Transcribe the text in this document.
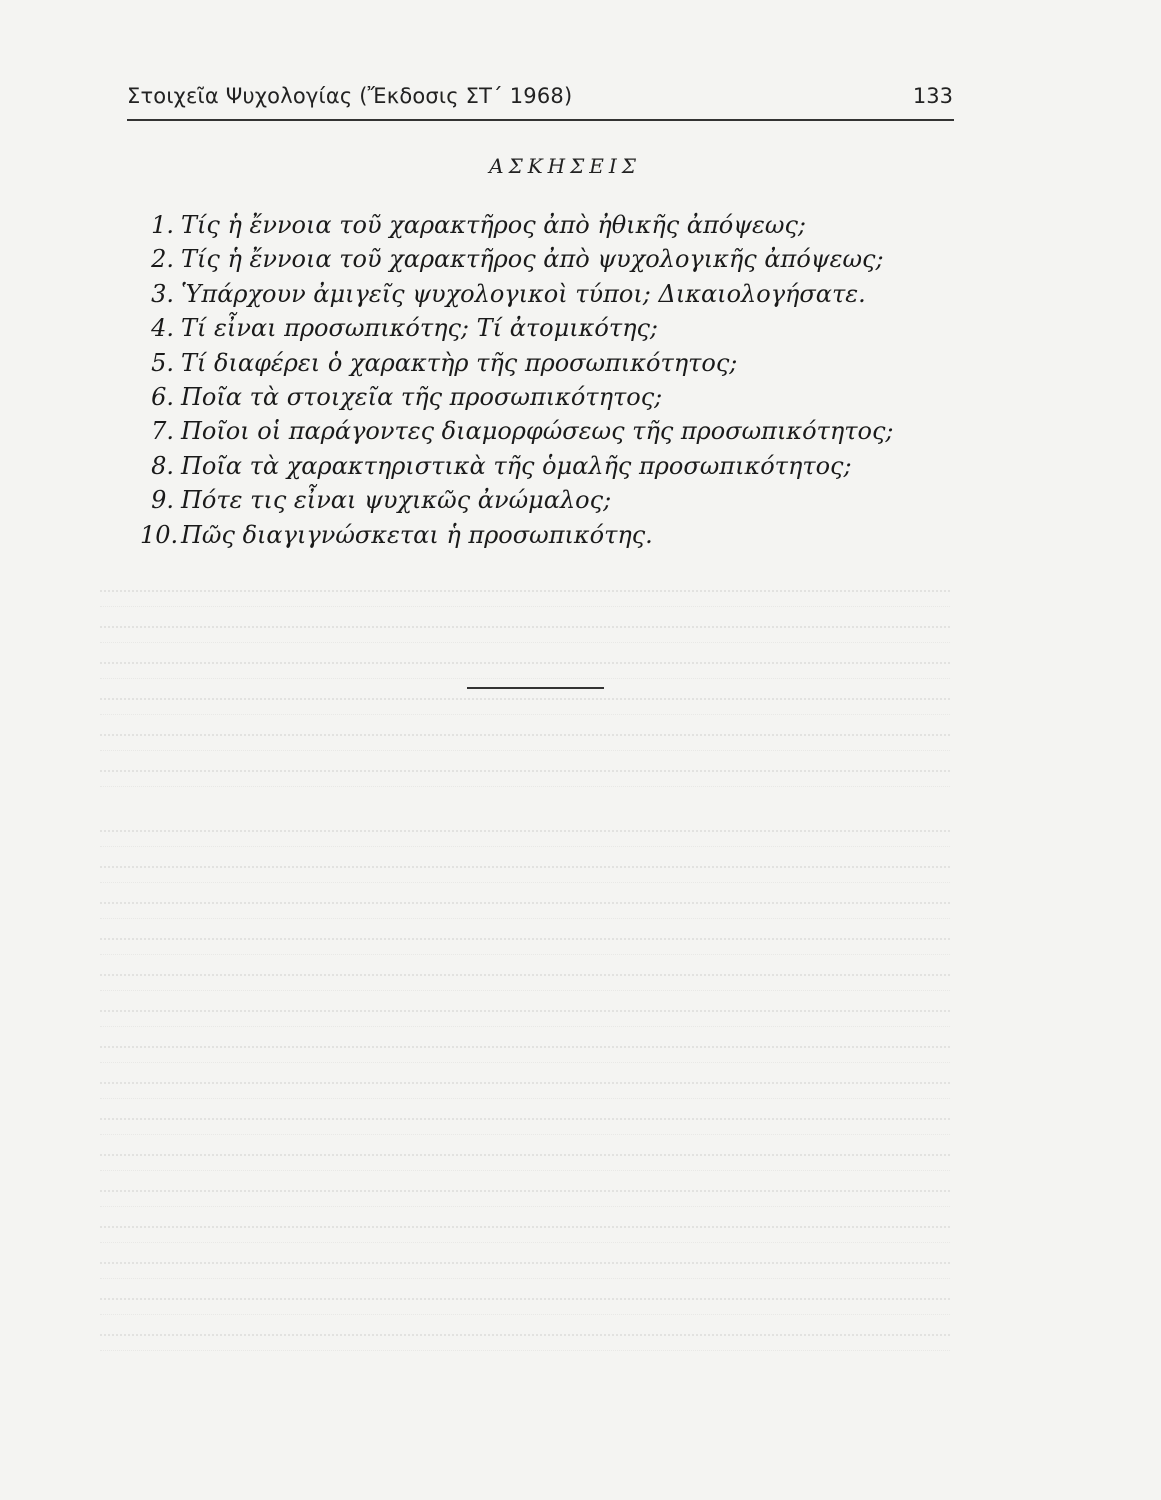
Στοιχεῖα Ψυχολογίας (Ἔκδοσις ΣΤ΄ 1968)	133
ΑΣΚΗΣΕΙΣ
1. Τίς ἡ ἔννοια τοῦ χαρακτῆρος ἀπὸ ἠθικῆς ἀπόψεως;
2. Τίς ἡ ἔννοια τοῦ χαρακτῆρος ἀπὸ ψυχολογικῆς ἀπόψεως;
3. Ὑπάρχουν ἀμιγεῖς ψυχολογικοὶ τύποι; Δικαιολογήσατε.
4. Τί εἶναι προσωπικότης; Τί ἀτομικότης;
5. Τί διαφέρει ὁ χαρακτὴρ τῆς προσωπικότητος;
6. Ποῖα τὰ στοιχεῖα τῆς προσωπικότητος;
7. Ποῖοι οἱ παράγοντες διαμορφώσεως τῆς προσωπικότητος;
8. Ποῖα τὰ χαρακτηριστικὰ τῆς ὁμαλῆς προσωπικότητος;
9. Πότε τις εἶναι ψυχικῶς ἀνώμαλος;
10. Πῶς διαγιγνώσκεται ἡ προσωπικότης.
